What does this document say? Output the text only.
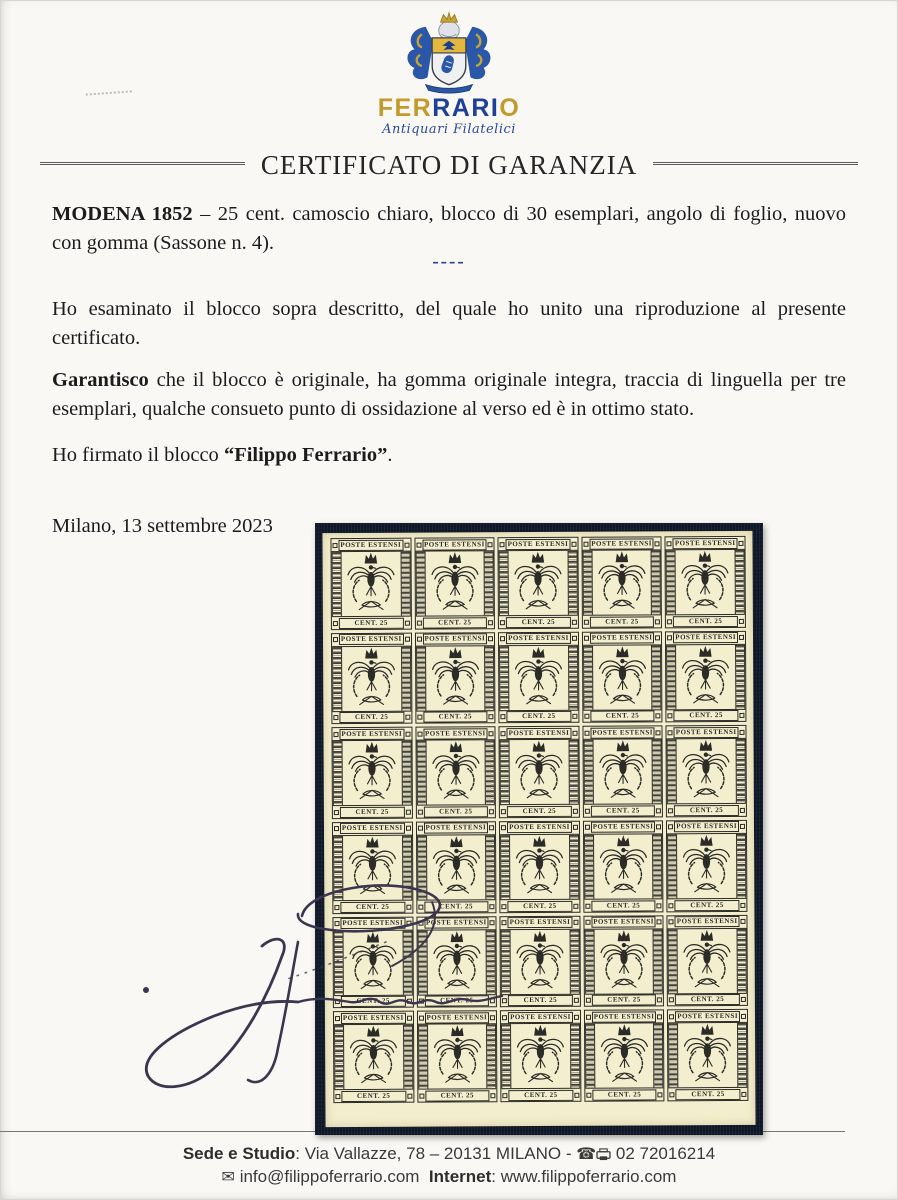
FERRARIO
Antiquari Filatelici
CERTIFICATO DI GARANZIA
MODENA 1852 – 25 cent. camoscio chiaro, blocco di 30 esemplari, angolo di foglio, nuovo con gomma (Sassone n. 4).
----
Ho esaminato il blocco sopra descritto, del quale ho unito una riproduzione al presente certificato.
Garantisco che il blocco è originale, ha gomma originale integra, traccia di linguella per tre esemplari, qualche consueto punto di ossidazione al verso ed è in ottimo stato.
Ho firmato il blocco “Filippo Ferrario”.
Milano, 13 settembre 2023
POSTE ESTENSI
CENT. 25
POSTE ESTENSI
CENT. 25
POSTE ESTENSI
CENT. 25
POSTE ESTENSI
CENT. 25
POSTE ESTENSI
CENT. 25
POSTE ESTENSI
CENT. 25
POSTE ESTENSI
CENT. 25
POSTE ESTENSI
CENT. 25
POSTE ESTENSI
CENT. 25
POSTE ESTENSI
CENT. 25
POSTE ESTENSI
CENT. 25
POSTE ESTENSI
CENT. 25
POSTE ESTENSI
CENT. 25
POSTE ESTENSI
CENT. 25
POSTE ESTENSI
CENT. 25
POSTE ESTENSI
CENT. 25
POSTE ESTENSI
CENT. 25
POSTE ESTENSI
CENT. 25
POSTE ESTENSI
CENT. 25
POSTE ESTENSI
CENT. 25
POSTE ESTENSI
CENT. 25
POSTE ESTENSI
CENT. 25
POSTE ESTENSI
CENT. 25
POSTE ESTENSI
CENT. 25
POSTE ESTENSI
CENT. 25
POSTE ESTENSI
CENT. 25
POSTE ESTENSI
CENT. 25
POSTE ESTENSI
CENT. 25
POSTE ESTENSI
CENT. 25
POSTE ESTENSI
CENT. 25
Sede e Studio: Via Vallazze, 78 – 20131 MILANO - ☎ 02 72016214
✉ info@filippoferrario.com Internet: www.filippoferrario.com
